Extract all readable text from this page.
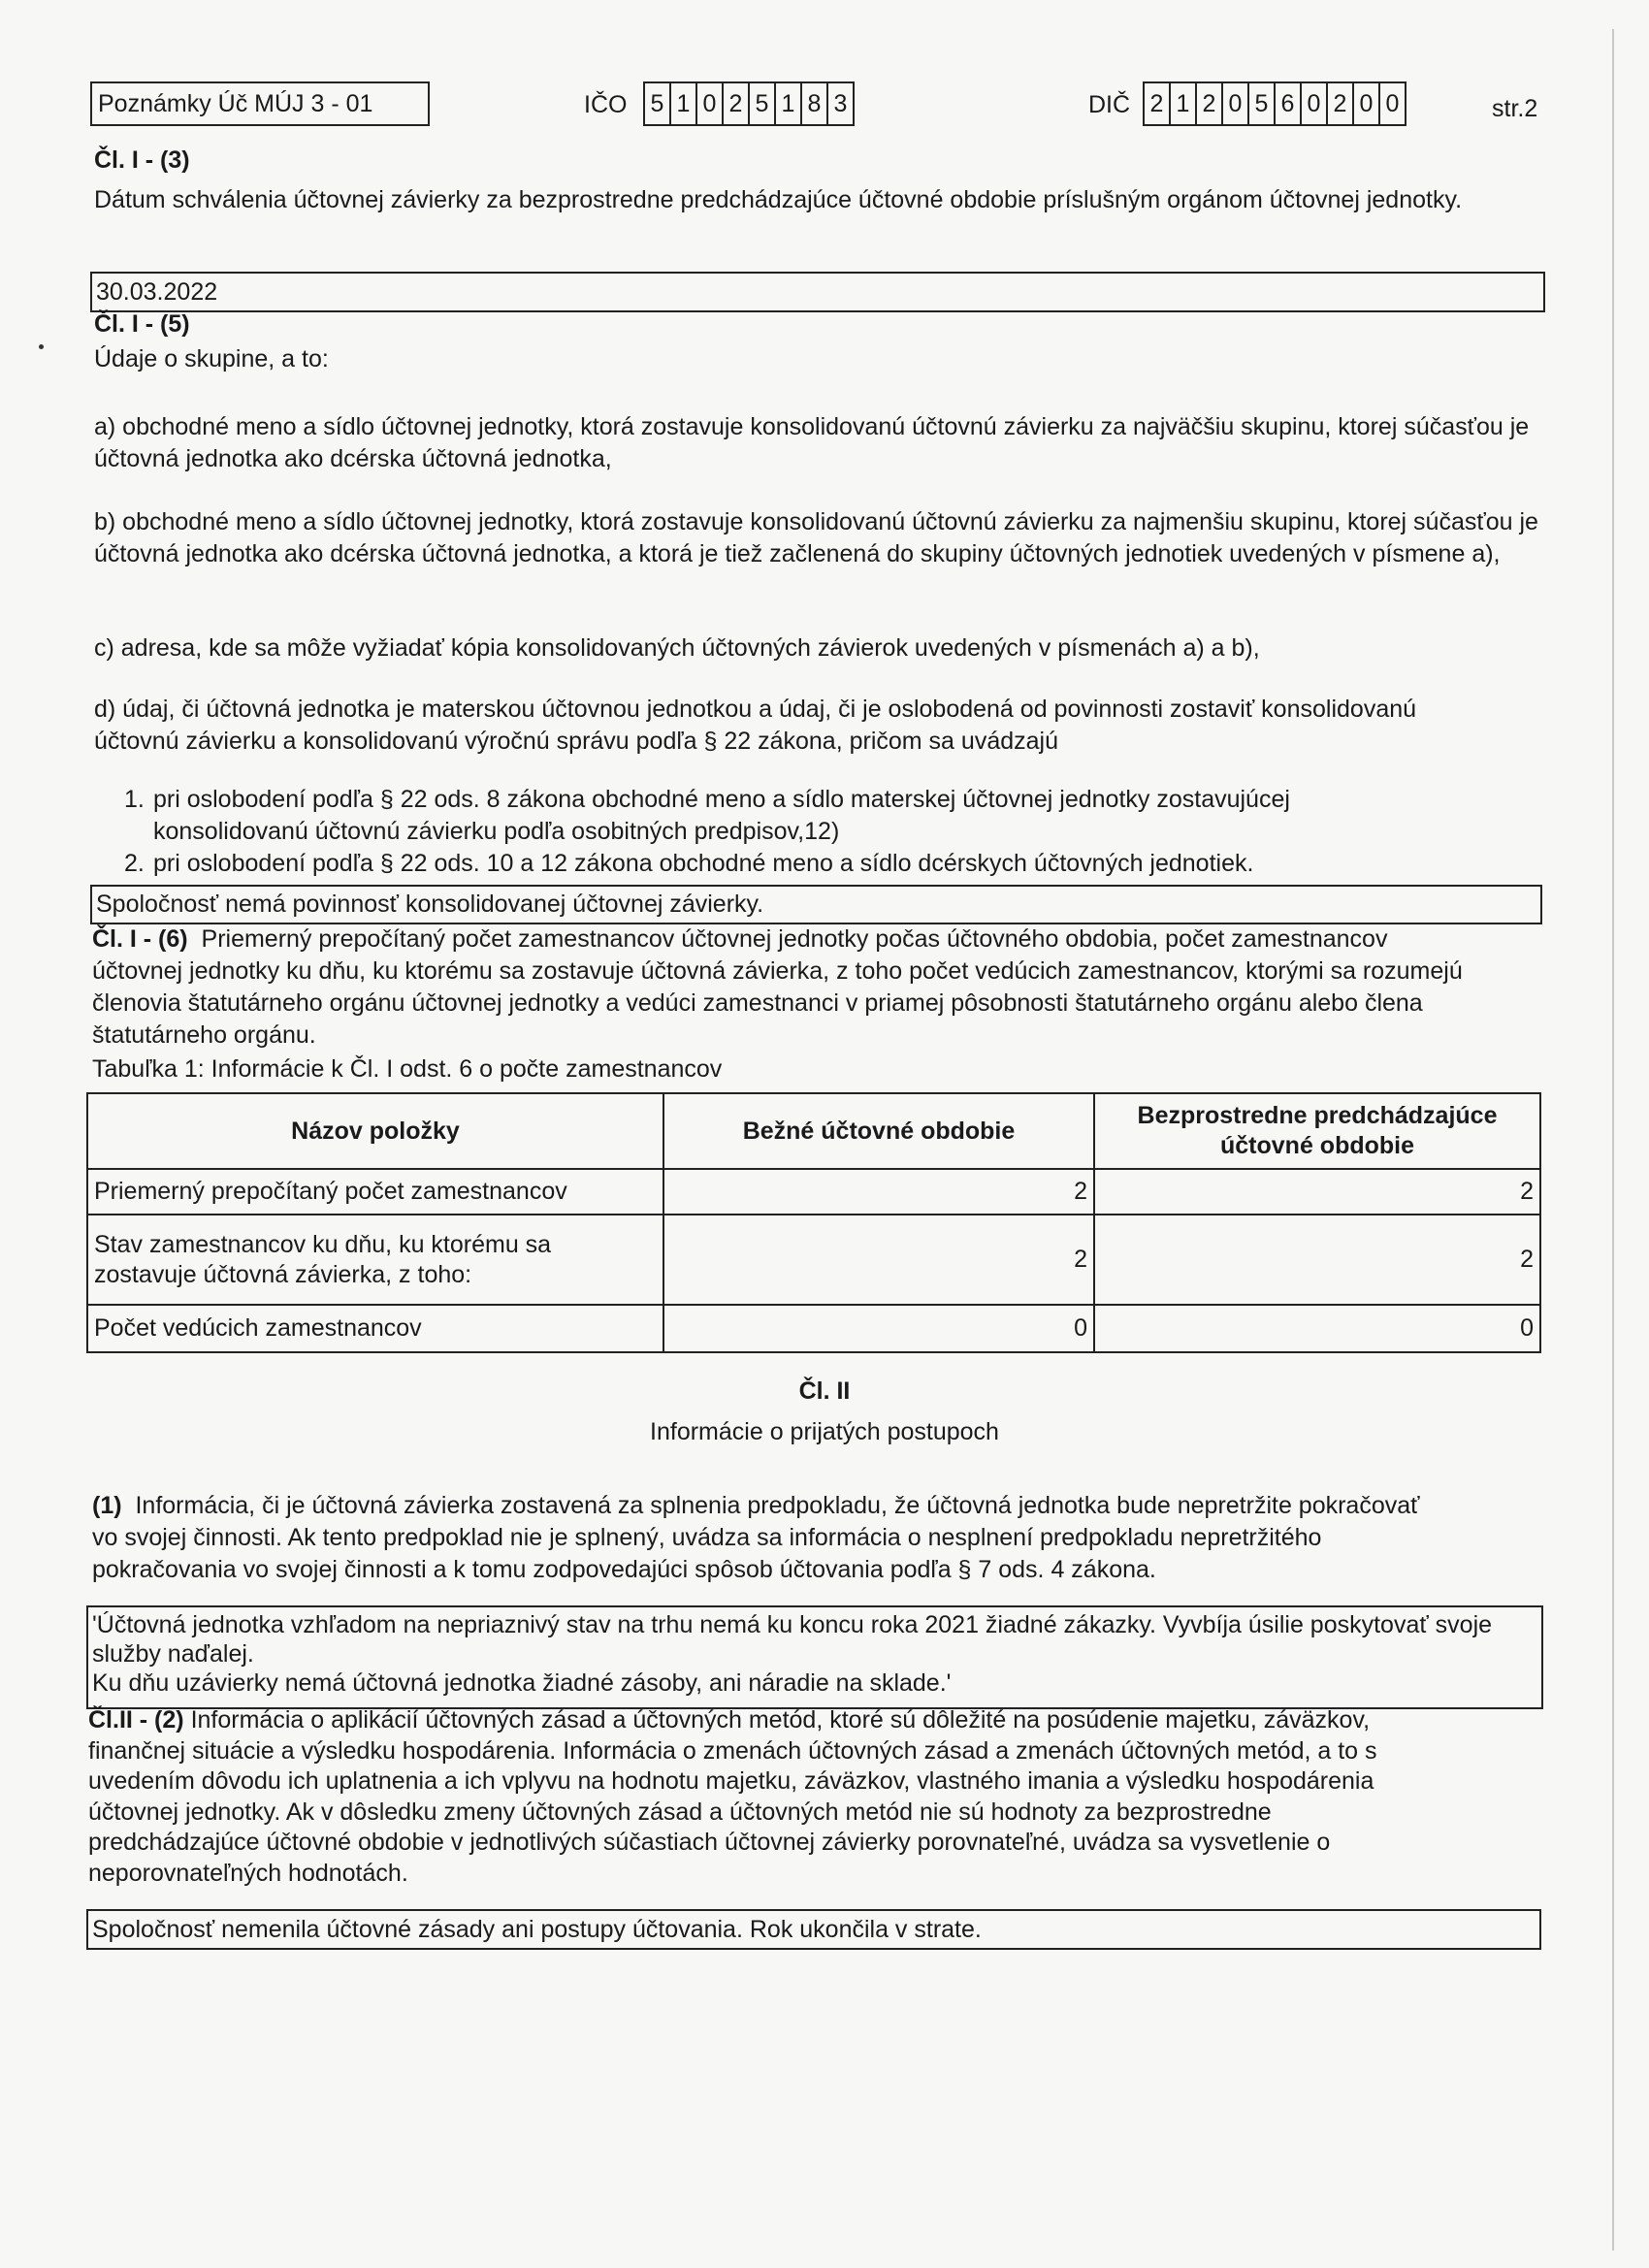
Poznámky Úč MÚJ 3 - 01	IČO 5 1 0 2 5 1 8 3	DIČ 2 1 2 0 5 6 0 2 0 0	str.2
Čl. I - (3)
Dátum schválenia účtovnej závierky za bezprostredne predchádzajúce účtovné obdobie príslušným orgánom účtovnej jednotky.
30.03.2022
Čl. I - (5)
Údaje o skupine, a to:
a) obchodné meno a sídlo účtovnej jednotky, ktorá zostavuje konsolidovanú účtovnú závierku za najväčšiu skupinu, ktorej súčasťou je účtovná jednotka ako dcérska účtovná jednotka,
b) obchodné meno a sídlo účtovnej jednotky, ktorá zostavuje konsolidovanú účtovnú závierku za najmenšiu skupinu, ktorej súčasťou je účtovná jednotka ako dcérska účtovná jednotka, a ktorá je tiež začlenená do skupiny účtovných jednotiek uvedených v písmene a),
c) adresa, kde sa môže vyžiadať kópia konsolidovaných účtovných závierok uvedených v písmenách a) a b),
d) údaj, či účtovná jednotka je materskou účtovnou jednotkou a údaj, či je oslobodená od povinnosti zostaviť konsolidovanú účtovnú závierku a konsolidovanú výročnú správu podľa § 22 zákona, pričom sa uvádzajú
1. pri oslobodení podľa § 22 ods. 8 zákona obchodné meno a sídlo materskej účtovnej jednotky zostavujúcej konsolidovanú účtovnú závierku podľa osobitných predpisov,12)
2. pri oslobodení podľa § 22 ods. 10 a 12 zákona obchodné meno a sídlo dcérskych účtovných jednotiek.
Spoločnosť nemá povinnosť konsolidovanej účtovnej závierky.
Čl. I - (6) Priemerný prepočítaný počet zamestnancov účtovnej jednotky počas účtovného obdobia, počet zamestnancov účtovnej jednotky ku dňu, ku ktorému sa zostavuje účtovná závierka, z toho počet vedúcich zamestnancov, ktorými sa rozumejú členovia štatutárneho orgánu účtovnej jednotky a vedúci zamestnanci v priamej pôsobnosti štatutárneho orgánu alebo člena štatutárneho orgánu.
Tabuľka 1: Informácie k Čl. I odst. 6 o počte zamestnancov
Názov položky	Bežné účtovné obdobie	Bezprostredne predchádzajúce účtovné obdobie
Priemerný prepočítaný počet zamestnancov	2	2
Stav zamestnancov ku dňu, ku ktorému sa zostavuje účtovná závierka, z toho:	2	2
Počet vedúcich zamestnancov	0	0
Čl. II
Informácie o prijatých postupoch
(1) Informácia, či je účtovná závierka zostavená za splnenia predpokladu, že účtovná jednotka bude nepretržite pokračovať vo svojej činnosti. Ak tento predpoklad nie je splnený, uvádza sa informácia o nesplnení predpokladu nepretržitého pokračovania vo svojej činnosti a k tomu zodpovedajúci spôsob účtovania podľa § 7 ods. 4 zákona.
'Účtovná jednotka vzhľadom na nepriaznivý stav na trhu nemá ku koncu roka 2021 žiadné zákazky. Vyvbíja úsilie poskytovať svoje služby naďalej.
Ku dňu uzávierky nemá účtovná jednotka žiadné zásoby, ani náradie na sklade.'
Čl.II - (2) Informácia o aplikácií účtovných zásad a účtovných metód, ktoré sú dôležité na posúdenie majetku, záväzkov, finančnej situácie a výsledku hospodárenia. Informácia o zmenách účtovných zásad a zmenách účtovných metód, a to s uvedením dôvodu ich uplatnenia a ich vplyvu na hodnotu majetku, záväzkov, vlastného imania a výsledku hospodárenia účtovnej jednotky. Ak v dôsledku zmeny účtovných zásad a účtovných metód nie sú hodnoty za bezprostredne predchádzajúce účtovné obdobie v jednotlivých súčastiach účtovnej závierky porovnateľné, uvádza sa vysvetlenie o neporovnateľných hodnotách.
Spoločnosť nemenila účtovné zásady ani postupy účtovania. Rok ukončila v strate.
